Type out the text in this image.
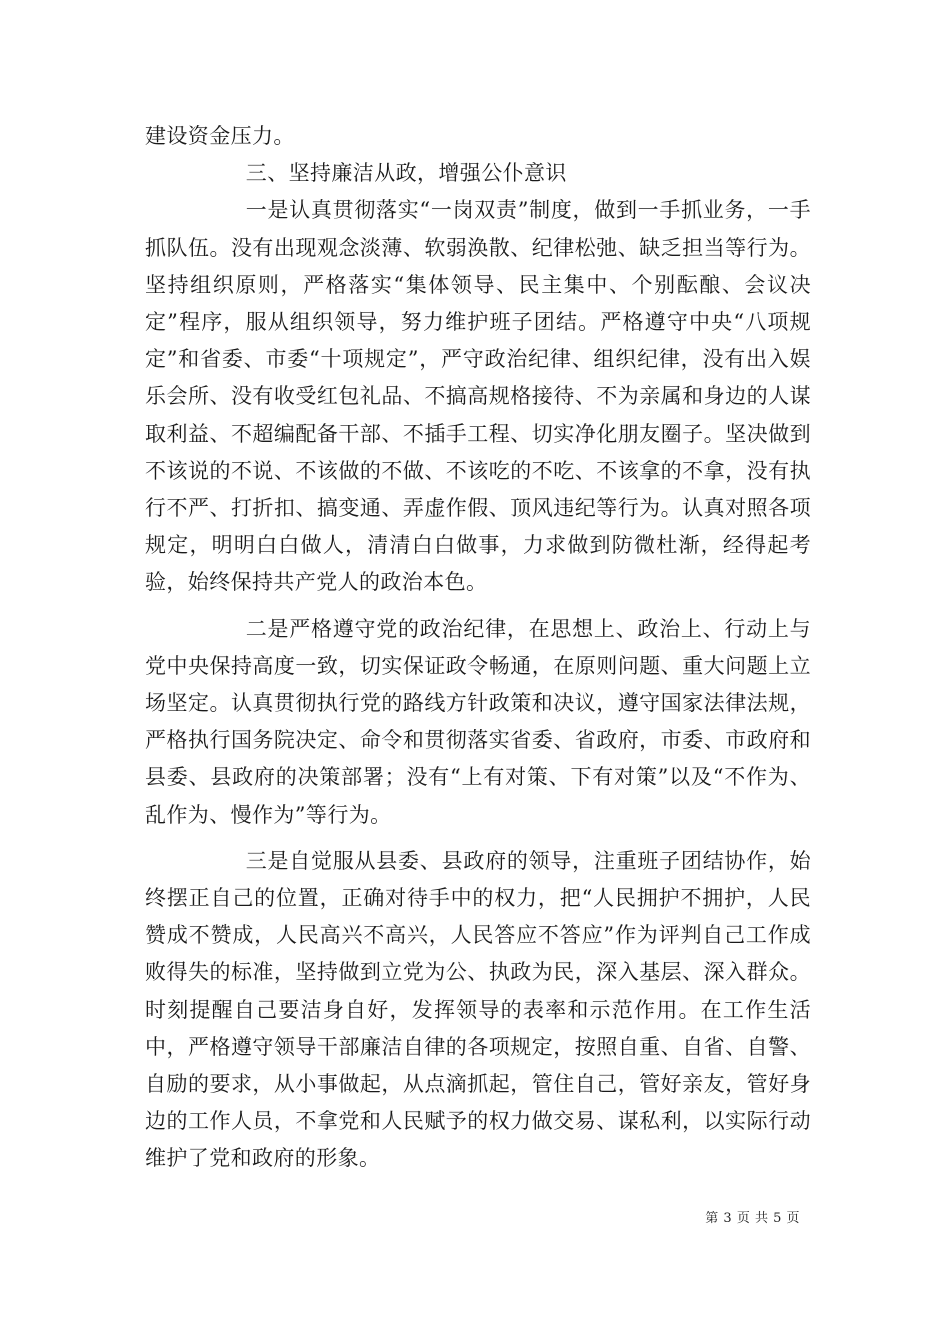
建设资金压力。

三、坚持廉洁从政，增强公仆意识

一是认真贯彻落实“一岗双责”制度，做到一手抓业务，一手抓队伍。没有出现观念淡薄、软弱涣散、纪律松弛、缺乏担当等行为。坚持组织原则，严格落实“集体领导、民主集中、个别酝酿、会议决定”程序，服从组织领导，努力维护班子团结。严格遵守中央“八项规定”和省委、市委“十项规定”，严守政治纪律、组织纪律，没有出入娱乐会所、没有收受红包礼品、不搞高规格接待、不为亲属和身边的人谋取利益、不超编配备干部、不插手工程、切实净化朋友圈子。坚决做到不该说的不说、不该做的不做、不该吃的不吃、不该拿的不拿，没有执行不严、打折扣、搞变通、弄虚作假、顶风违纪等行为。认真对照各项规定，明明白白做人，清清白白做事，力求做到防微杜渐，经得起考验，始终保持共产党人的政治本色。

二是严格遵守党的政治纪律，在思想上、政治上、行动上与党中央保持高度一致，切实保证政令畅通，在原则问题、重大问题上立场坚定。认真贯彻执行党的路线方针政策和决议，遵守国家法律法规，严格执行国务院决定、命令和贯彻落实省委、省政府，市委、市政府和县委、县政府的决策部署；没有“上有对策、下有对策”以及“不作为、乱作为、慢作为”等行为。

三是自觉服从县委、县政府的领导，注重班子团结协作，始终摆正自己的位置，正确对待手中的权力，把“人民拥护不拥护，人民赞成不赞成，人民高兴不高兴，人民答应不答应”作为评判自己工作成败得失的标准，坚持做到立党为公、执政为民，深入基层、深入群众。时刻提醒自己要洁身自好，发挥领导的表率和示范作用。在工作生活中，严格遵守领导干部廉洁自律的各项规定，按照自重、自省、自警、自励的要求，从小事做起，从点滴抓起，管住自己，管好亲友，管好身边的工作人员，不拿党和人民赋予的权力做交易、谋私利，以实际行动维护了党和政府的形象。

第 3 页 共 5 页
